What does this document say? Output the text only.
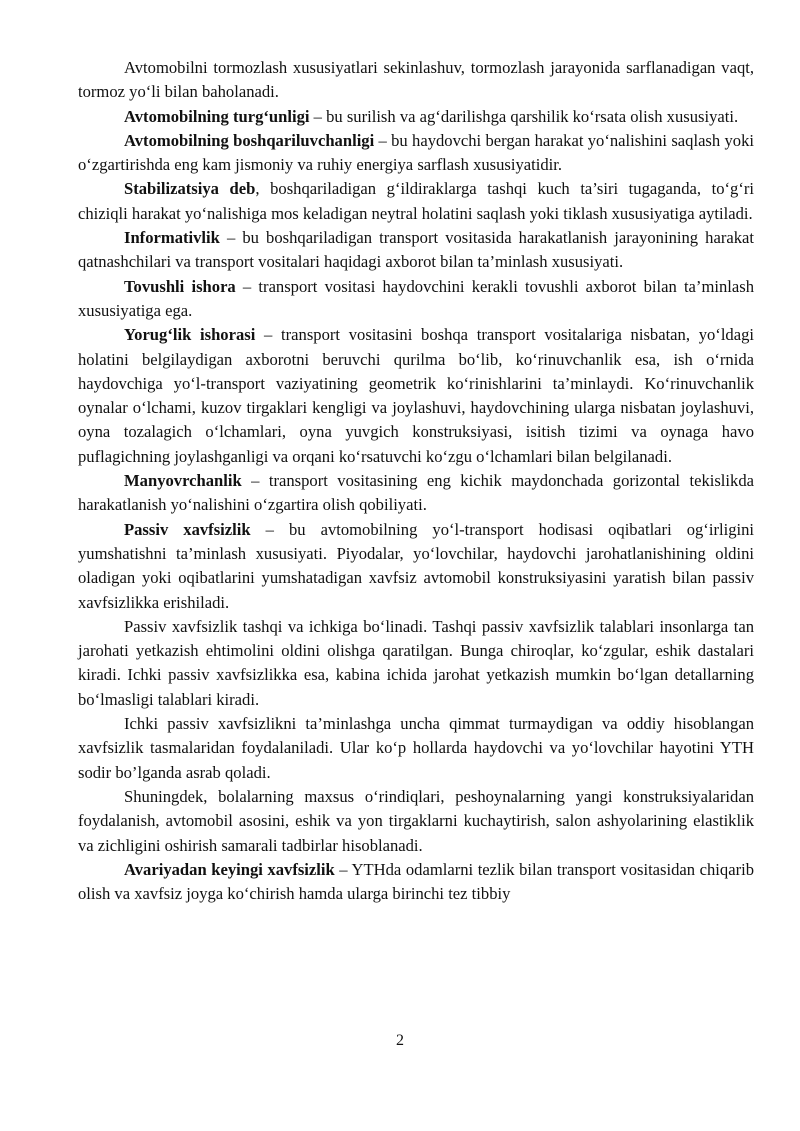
Avtomobilni tormozlash xususiyatlari sekinlashuv, tormozlash jarayonida sarflanadigan vaqt, tormoz yo‘li bilan baholanadi.

Avtomobilning turg‘unligi – bu surilish va ag‘darilishga qarshilik ko‘rsata olish xususiyati.

Avtomobilning boshqariluvchanligi – bu haydovchi bergan harakat yo‘nalishini saqlash yoki o‘zgartirishda eng kam jismoniy va ruhiy energiya sarflash xususiyatidir.

Stabilizatsiya deb, boshqariladigan g‘ildiraklarga tashqi kuch ta’siri tugaganda, to‘g‘ri chiziqli harakat yo‘nalishiga mos keladigan neytral holatini saqlash yoki tiklash xususiyatiga aytiladi.

Informativlik – bu boshqariladigan transport vositasida harakatlanish jarayonining harakat qatnashchilari va transport vositalari haqidagi axborot bilan ta’minlash xususiyati.

Tovushli ishora – transport vositasi haydovchini kerakli tovushli axborot bilan ta’minlash xususiyatiga ega.

Yorug‘lik ishorasi – transport vositasini boshqa transport vositalariga nisbatan, yo‘ldagi holatini belgilaydigan axborotni beruvchi qurilma bo‘lib, ko‘rinuvchanlik esa, ish o‘rnida haydovchiga yo‘l-transport vaziyatining geometrik ko‘rinishlarini ta’minlaydi. Ko‘rinuvchanlik oynalar o‘lchami, kuzov tirgaklari kengligi va joylashuvi, haydovchining ularga nisbatan joylashuvi, oyna tozalagich o‘lchamlari, oyna yuvgich konstruksiyasi, isitish tizimi va oynaga havo puflagichning joylashganligi va orqani ko‘rsatuvchi ko‘zgu o‘lchamlari bilan belgilanadi.

Manyovrchanlik – transport vositasining eng kichik maydonchada gorizontal tekislikda harakatlanish yo‘nalishini o‘zgartira olish qobiliyati.

Passiv xavfsizlik – bu avtomobilning yo‘l-transport hodisasi oqibatlari og‘irligini yumshatishni ta’minlash xususiyati. Piyodalar, yo‘lovchilar, haydovchi jarohatlanishining oldini oladigan yoki oqibatlarini yumshatadigan xavfsiz avtomobil konstruksiyasini yaratish bilan passiv xavfsizlikka erishiladi.

Passiv xavfsizlik tashqi va ichkiga bo‘linadi. Tashqi passiv xavfsizlik talablari insonlarga tan jarohati yetkazish ehtimolini oldini olishga qaratilgan. Bunga chiroqlar, ko‘zgular, eshik dastalari kiradi. Ichki passiv xavfsizlikka esa, kabina ichida jarohat yetkazish mumkin bo‘lgan detallarning bo‘lmasligi talablari kiradi.

Ichki passiv xavfsizlikni ta’minlashga uncha qimmat turmaydigan va oddiy hisoblangan xavfsizlik tasmalaridan foydalaniladi. Ular ko‘p hollarda haydovchi va yo‘lovchilar hayotini YTH sodir bo’lganda asrab qoladi.

Shuningdek, bolalarning maxsus o‘rindiqlari, peshoynalarning yangi konstruksiyalaridan foydalanish, avtomobil asosini, eshik va yon tirgaklarni kuchaytirish, salon ashyolarining elastiklik va zichligini oshirish samarali tadbirlar hisoblanadi.

Avariyadan keyingi xavfsizlik – YTHda odamlarni tezlik bilan transport vositasidan chiqarib olish va xavfsiz joyga ko‘chirish hamda ularga birinchi tez tibbiy

2
